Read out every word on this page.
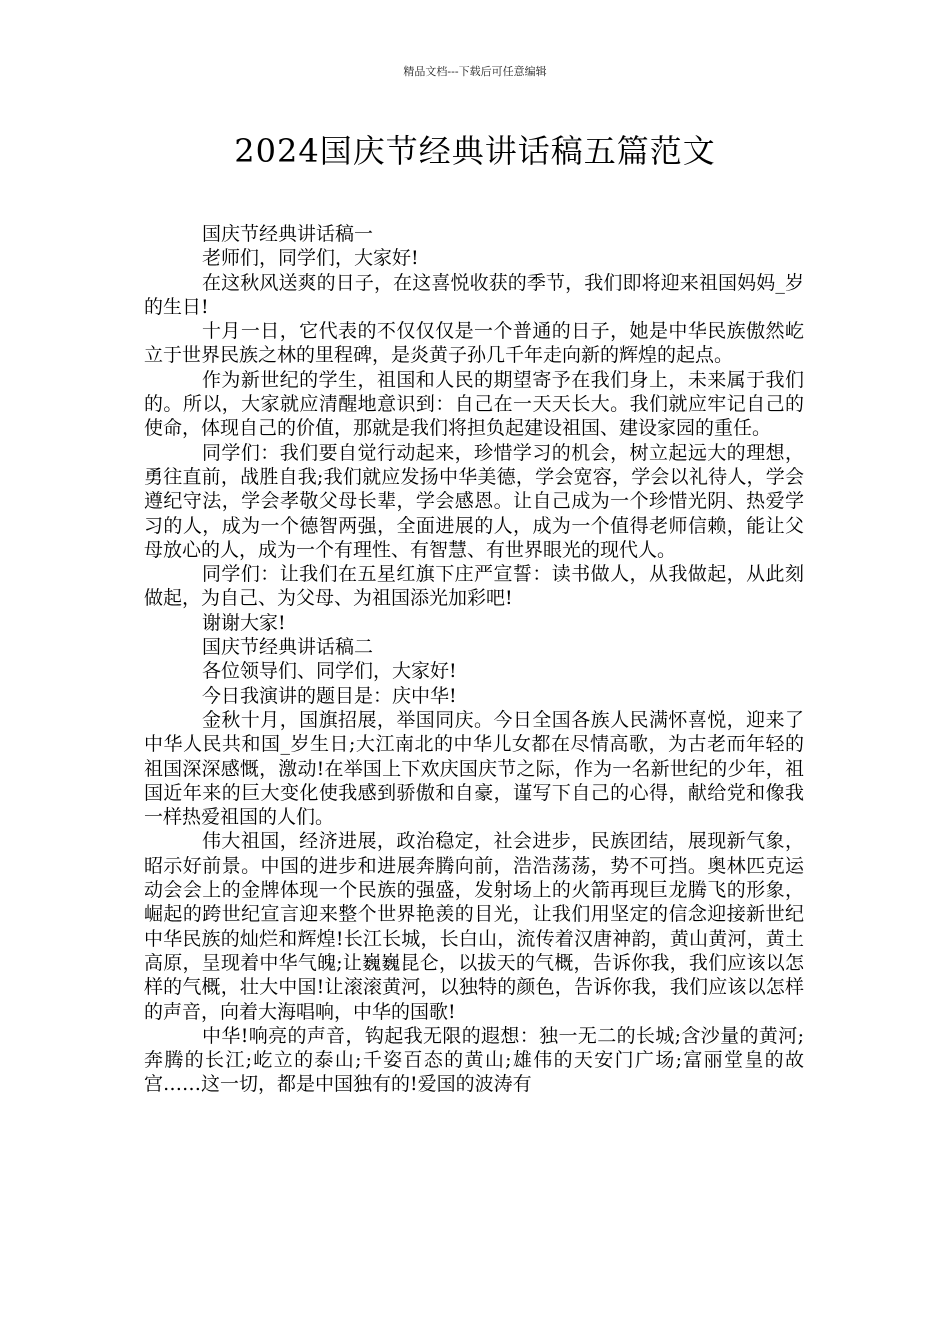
精品文档---下载后可任意编辑
2024国庆节经典讲话稿五篇范文

国庆节经典讲话稿一

老师们，同学们，大家好!

在这秋风送爽的日子，在这喜悦收获的季节，我们即将迎来祖国妈妈_岁的生日!

十月一日，它代表的不仅仅仅是一个普通的日子，她是中华民族傲然屹立于世界民族之林的里程碑，是炎黄子孙几千年走向新的辉煌的起点。

作为新世纪的学生，祖国和人民的期望寄予在我们身上，未来属于我们的。所以，大家就应清醒地意识到：自己在一天天长大。我们就应牢记自己的使命，体现自己的价值，那就是我们将担负起建设祖国、建设家园的重任。

同学们：我们要自觉行动起来，珍惜学习的机会，树立起远大的理想，勇往直前，战胜自我;我们就应发扬中华美德，学会宽容，学会以礼待人，学会遵纪守法，学会孝敬父母长辈，学会感恩。让自己成为一个珍惜光阴、热爱学习的人，成为一个德智两强，全面进展的人，成为一个值得老师信赖，能让父母放心的人，成为一个有理性、有智慧、有世界眼光的现代人。

同学们：让我们在五星红旗下庄严宣誓：读书做人，从我做起，从此刻做起，为自己、为父母、为祖国添光加彩吧!

谢谢大家!

国庆节经典讲话稿二

各位领导们、同学们，大家好!

今日我演讲的题目是：庆中华!

金秋十月，国旗招展，举国同庆。今日全国各族人民满怀喜悦，迎来了中华人民共和国_岁生日;大江南北的中华儿女都在尽情高歌，为古老而年轻的祖国深深感慨，激动!在举国上下欢庆国庆节之际，作为一名新世纪的少年，祖国近年来的巨大变化使我感到骄傲和自豪，谨写下自己的心得，献给党和像我一样热爱祖国的人们。

伟大祖国，经济进展，政治稳定，社会进步，民族团结，展现新气象，昭示好前景。中国的进步和进展奔腾向前，浩浩荡荡，势不可挡。奥林匹克运动会会上的金牌体现一个民族的强盛，发射场上的火箭再现巨龙腾飞的形象，崛起的跨世纪宣言迎来整个世界艳羡的目光，让我们用坚定的信念迎接新世纪中华民族的灿烂和辉煌!长江长城，长白山，流传着汉唐神韵，黄山黄河，黄土高原，呈现着中华气魄;让巍巍昆仑，以拔天的气概，告诉你我，我们应该以怎样的气概，壮大中国!让滚滚黄河，以独特的颜色，告诉你我，我们应该以怎样的声音，向着大海唱响，中华的国歌!

中华!响亮的声音，钩起我无限的遐想：独一无二的长城;含沙量的黄河;奔腾的长江;屹立的泰山;千姿百态的黄山;雄伟的天安门广场;富丽堂皇的故宫……这一切，都是中国独有的!爱国的波涛有
